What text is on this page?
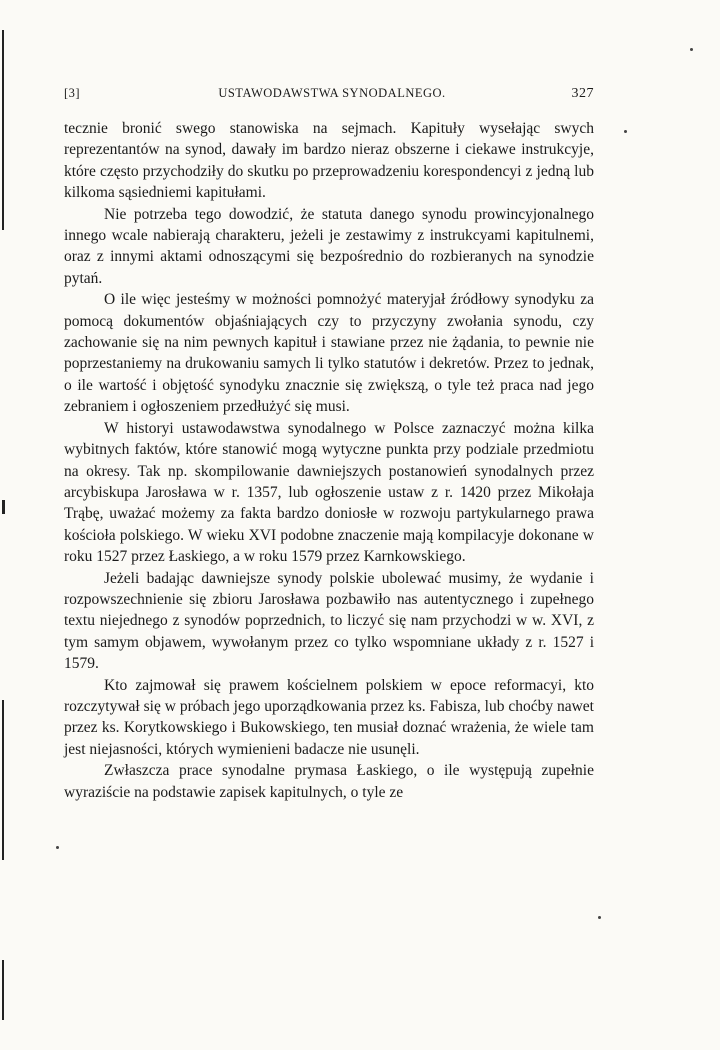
[3]	USTAWODAWSTWA SYNODALNEGO.	327

tecznie bronić swego stanowiska na sejmach. Kapituły wysełając swych reprezentantów na synod, dawały im bardzo nieraz obszerne i ciekawe instrukcyje, które często przychodziły do skutku po przeprowadzeniu korespondencyi z jedną lub kilkoma sąsiedniemi kapitułami.

Nie potrzeba tego dowodzić, że statuta danego synodu prowincyjonalnego innego wcale nabierają charakteru, jeżeli je zestawimy z instrukcyami kapitulnemi, oraz z innymi aktami odnoszącymi się bezpośrednio do rozbieranych na synodzie pytań.

O ile więc jesteśmy w możności pomnożyć materyjał źródłowy synodyku za pomocą dokumentów objaśniających czy to przyczyny zwołania synodu, czy zachowanie się na nim pewnych kapituł i stawiane przez nie żądania, to pewnie nie poprzestaniemy na drukowaniu samych li tylko statutów i dekretów. Przez to jednak, o ile wartość i objętość synodyku znacznie się zwiększą, o tyle też praca nad jego zebraniem i ogłoszeniem przedłużyć się musi.

W historyi ustawodawstwa synodalnego w Polsce zaznaczyć można kilka wybitnych faktów, które stanowić mogą wytyczne punkta przy podziale przedmiotu na okresy. Tak np. skompilowanie dawniejszych postanowień synodalnych przez arcybiskupa Jarosława w r. 1357, lub ogłoszenie ustaw z r. 1420 przez Mikołaja Trąbę, uważać możemy za fakta bardzo doniosłe w rozwoju partykularnego prawa kościoła polskiego. W wieku XVI podobne znaczenie mają kompilacyje dokonane w roku 1527 przez Łaskiego, a w roku 1579 przez Karnkowskiego.

Jeżeli badając dawniejsze synody polskie ubolewać musimy, że wydanie i rozpowszechnienie się zbioru Jarosława pozbawiło nas autentycznego i zupełnego textu niejednego z synodów poprzednich, to liczyć się nam przychodzi w w. XVI, z tym samym objawem, wywołanym przez co tylko wspomniane układy z r. 1527 i 1579.

Kto zajmował się prawem kościelnem polskiem w epoce reformacyi, kto rozczytywał się w próbach jego uporządkowania przez ks. Fabisza, lub choćby nawet przez ks. Korytkowskiego i Bukowskiego, ten musiał doznać wrażenia, że wiele tam jest niejasności, których wymienieni badacze nie usunęli.

Zwłaszcza prace synodalne prymasa Łaskiego, o ile występują zupełnie wyraziście na podstawie zapisek kapitulnych, o tyle ze
